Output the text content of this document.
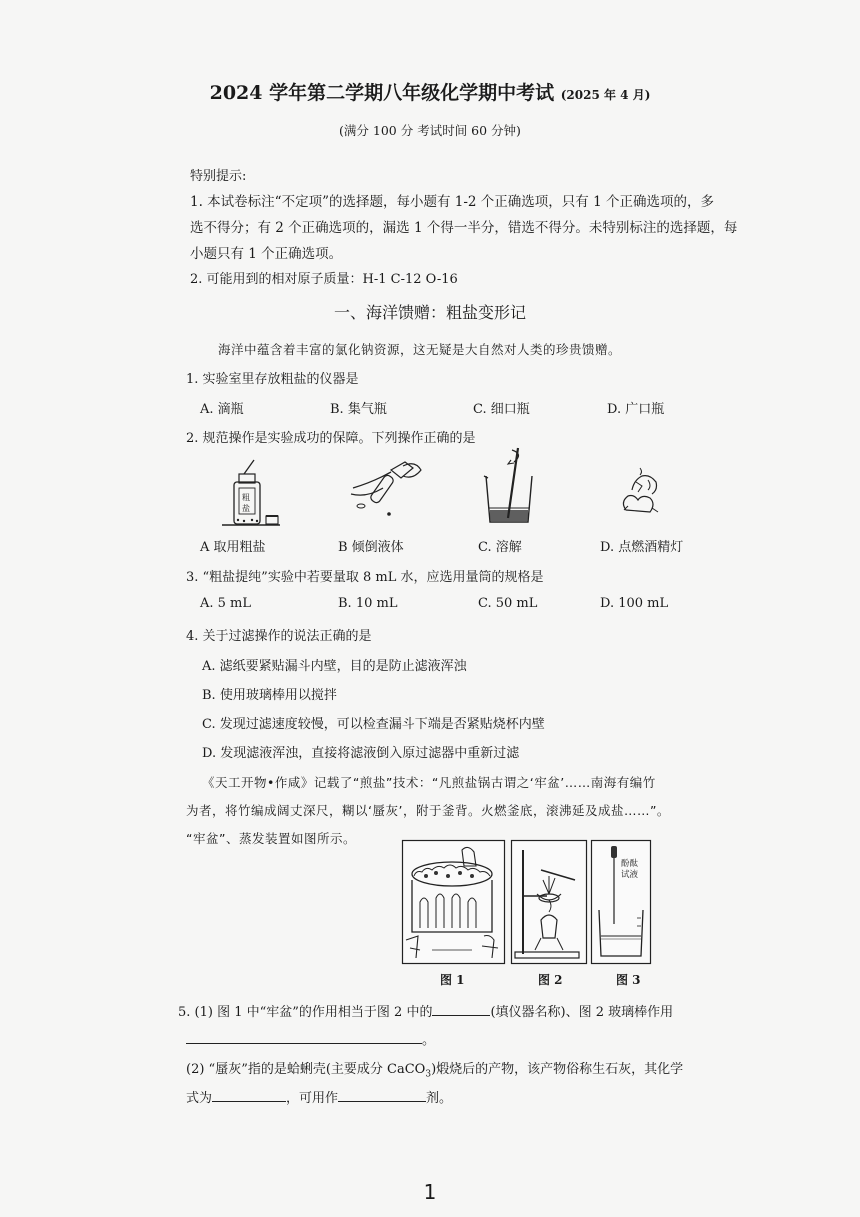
2024 学年第二学期八年级化学期中考试 (2025 年 4 月)
(满分 100 分 考试时间 60 分钟)
特别提示:
1. 本试卷标注“不定项”的选择题，每小题有 1-2 个正确选项，只有 1 个正确选项的，多
选不得分；有 2 个正确选项的，漏选 1 个得一半分，错选不得分。未特别标注的选择题，每
小题只有 1 个正确选项。
2. 可能用到的相对原子质量：H-1 C-12 O-16
一、海洋馈赠：粗盐变形记
海洋中蕴含着丰富的氯化钠资源，这无疑是大自然对人类的珍贵馈赠。
1. 实验室里存放粗盐的仪器是
A. 滴瓶	B. 集气瓶	C. 细口瓶	D. 广口瓶
2. 规范操作是实验成功的保障。下列操作正确的是
粗
盐
A 取用粗盐	B 倾倒液体	C. 溶解	D. 点燃酒精灯
3. “粗盐提纯”实验中若要量取 8 mL 水，应选用量筒的规格是
A. 5 mL	B. 10 mL	C. 50 mL	D. 100 mL
4. 关于过滤操作的说法正确的是
A. 滤纸要紧贴漏斗内壁，目的是防止滤液浑浊
B. 使用玻璃棒用以搅拌
C. 发现过滤速度较慢，可以检查漏斗下端是否紧贴烧杯内壁
D. 发现滤液浑浊，直接将滤液倒入原过滤器中重新过滤
《天工开物•作咸》记载了“煎盐”技术：“凡煎盐锅古谓之‘牢盆’……南海有编竹
为者，将竹编成阔丈深尺，糊以‘蜃灰’，附于釜背。火燃釜底，滚沸延及成盐……”。
“牢盆”、蒸发装置如图所示。
酚酞
试液
图 1	图 2	图 3
5. (1) 图 1 中“牢盆”的作用相当于图 2 中的	(填仪器名称)、图 2 玻璃棒作用
。
(2) “蜃灰”指的是蛤蜊壳(主要成分 CaCO$_3$)煅烧后的产物，该产物俗称生石灰，其化学
式为	，可用作	剂。
1
